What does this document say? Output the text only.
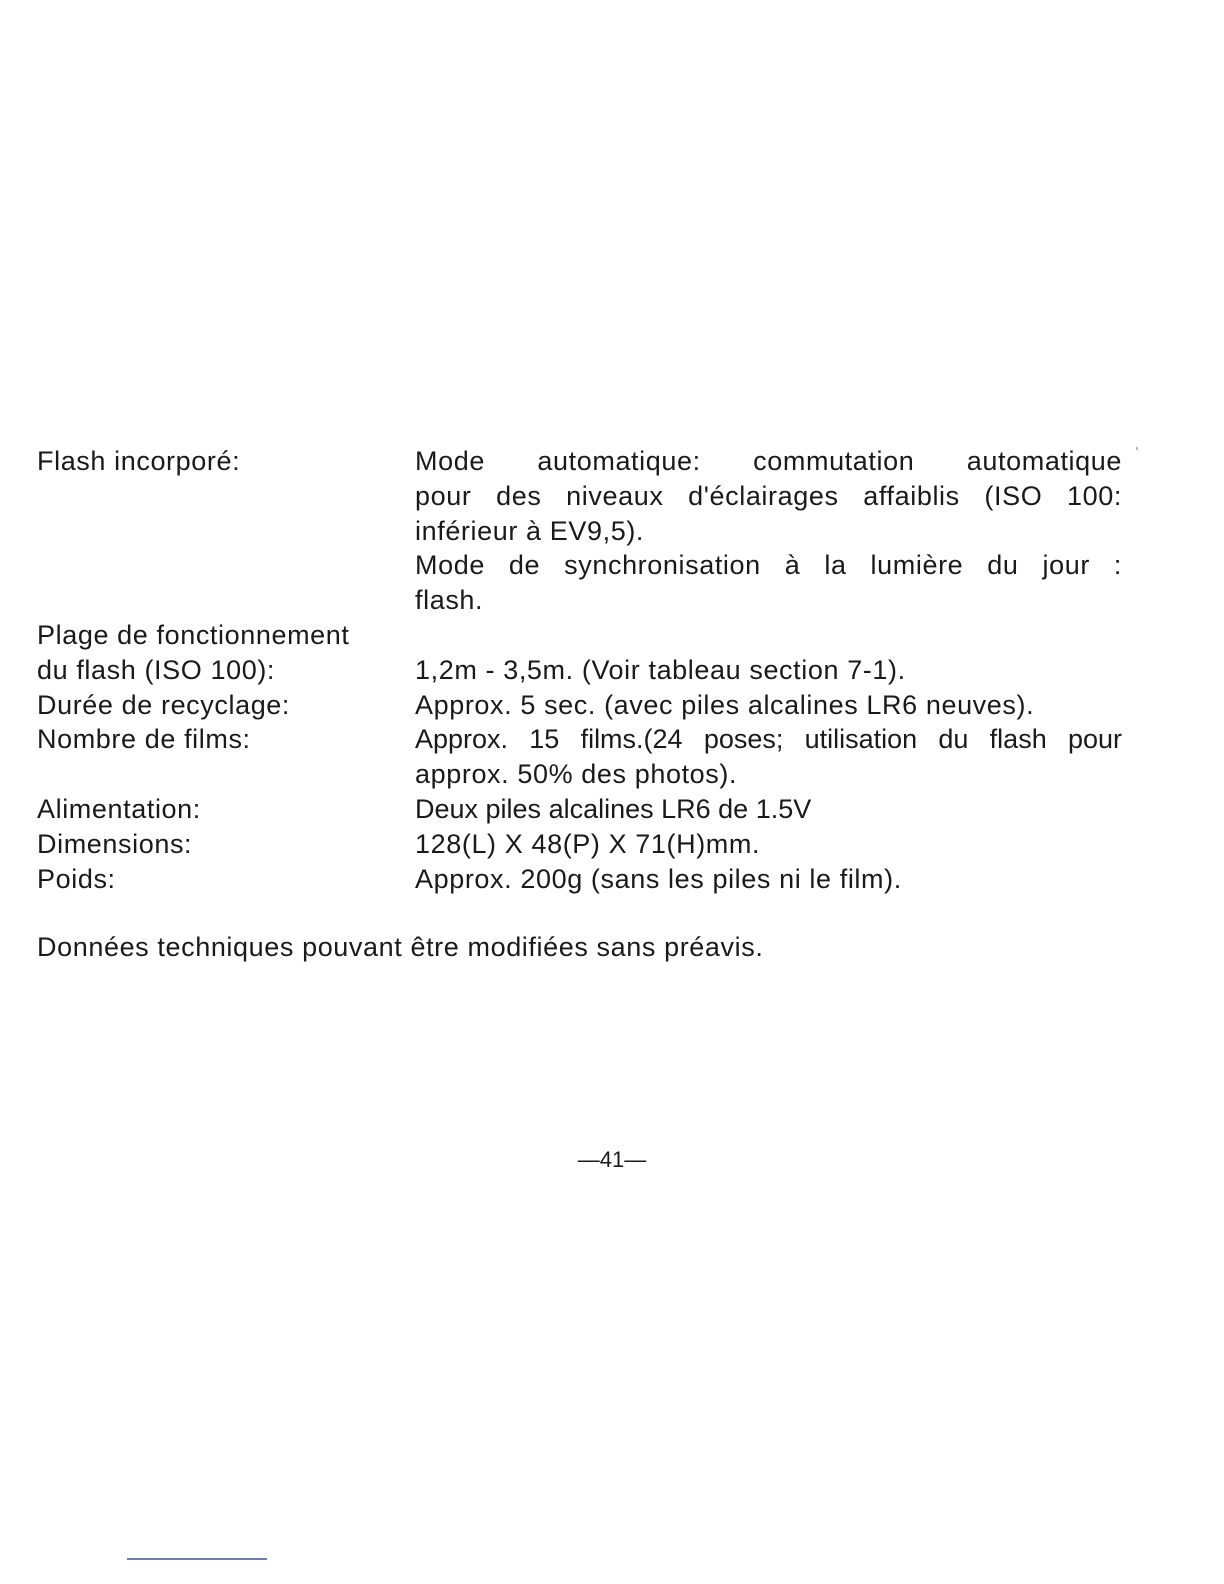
Flash incorporé:	Mode automatique: commutation automatique
pour des niveaux d'éclairages affaiblis (ISO 100:
inférieur à EV9,5).
Mode de synchronisation à la lumière du jour :
flash.
Plage de fonctionnement
du flash (ISO 100):	1,2m - 3,5m. (Voir tableau section 7-1).
Durée de recyclage:	Approx. 5 sec. (avec piles alcalines LR6 neuves).
Nombre de films:	Approx. 15 films.(24 poses; utilisation du flash pour
approx. 50% des photos).
Alimentation:	Deux piles alcalines LR6 de 1.5V
Dimensions:	128(L) X 48(P) X 71(H)mm.
Poids:	Approx. 200g (sans les piles ni le film).
Données techniques pouvant être modifiées sans préavis.
—41—
